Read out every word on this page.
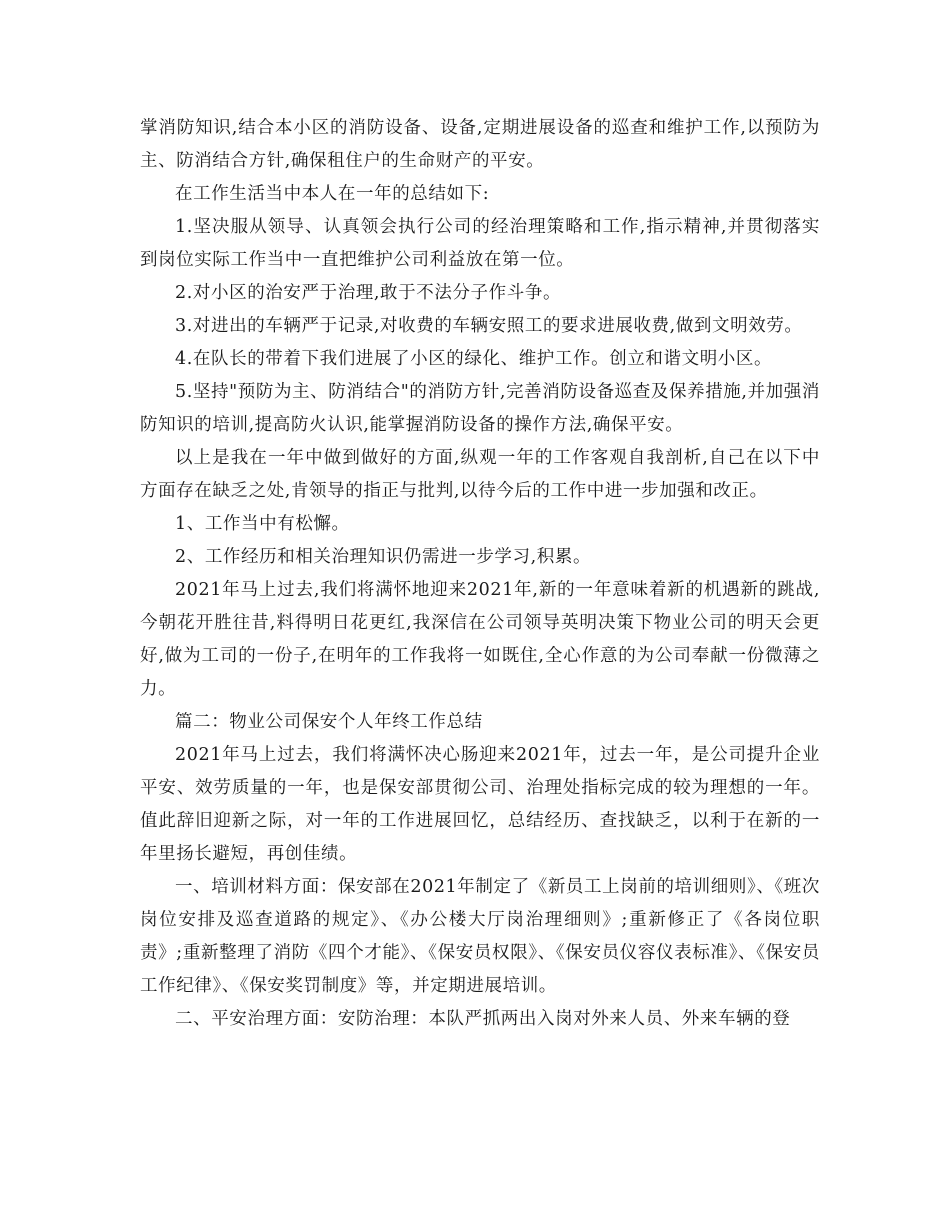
掌消防知识,结合本小区的消防设备、设备,定期进展设备的巡查和维护工作,以预防为主、防消结合方针,确保租住户的生命财产的平安。

在工作生活当中本人在一年的总结如下:

1.坚决服从领导、认真领会执行公司的经治理策略和工作,指示精神,并贯彻落实到岗位实际工作当中一直把维护公司利益放在第一位。

2.对小区的治安严于治理,敢于不法分子作斗争。

3.对进出的车辆严于记录,对收费的车辆安照工的要求进展收费,做到文明效劳。

4.在队长的带着下我们进展了小区的绿化、维护工作。创立和谐文明小区。

5.坚持"预防为主、防消结合"的消防方针,完善消防设备巡查及保养措施,并加强消防知识的培训,提高防火认识,能掌握消防设备的操作方法,确保平安。

以上是我在一年中做到做好的方面,纵观一年的工作客观自我剖析,自己在以下中方面存在缺乏之处,肯领导的指正与批判,以待今后的工作中进一步加强和改正。

1、工作当中有松懈。

2、工作经历和相关治理知识仍需进一步学习,积累。

2021年马上过去,我们将满怀地迎来2021年,新的一年意味着新的机遇新的跳战,今朝花开胜往昔,料得明日花更红,我深信在公司领导英明决策下物业公司的明天会更好,做为工司的一份子,在明年的工作我将一如既住,全心作意的为公司奉献一份微薄之力。

篇二：物业公司保安个人年终工作总结

2021年马上过去，我们将满怀决心肠迎来2021年，过去一年，是公司提升企业平安、效劳质量的一年，也是保安部贯彻公司、治理处指标完成的较为理想的一年。值此辞旧迎新之际，对一年的工作进展回忆，总结经历、查找缺乏，以利于在新的一年里扬长避短，再创佳绩。

一、培训材料方面：保安部在2021年制定了《新员工上岗前的培训细则》、《班次岗位安排及巡查道路的规定》、《办公楼大厅岗治理细则》;重新修正了《各岗位职责》;重新整理了消防《四个才能》、《保安员权限》、《保安员仪容仪表标准》、《保安员工作纪律》、《保安奖罚制度》等，并定期进展培训。

二、平安治理方面：安防治理：本队严抓两出入岗对外来人员、外来车辆的登
